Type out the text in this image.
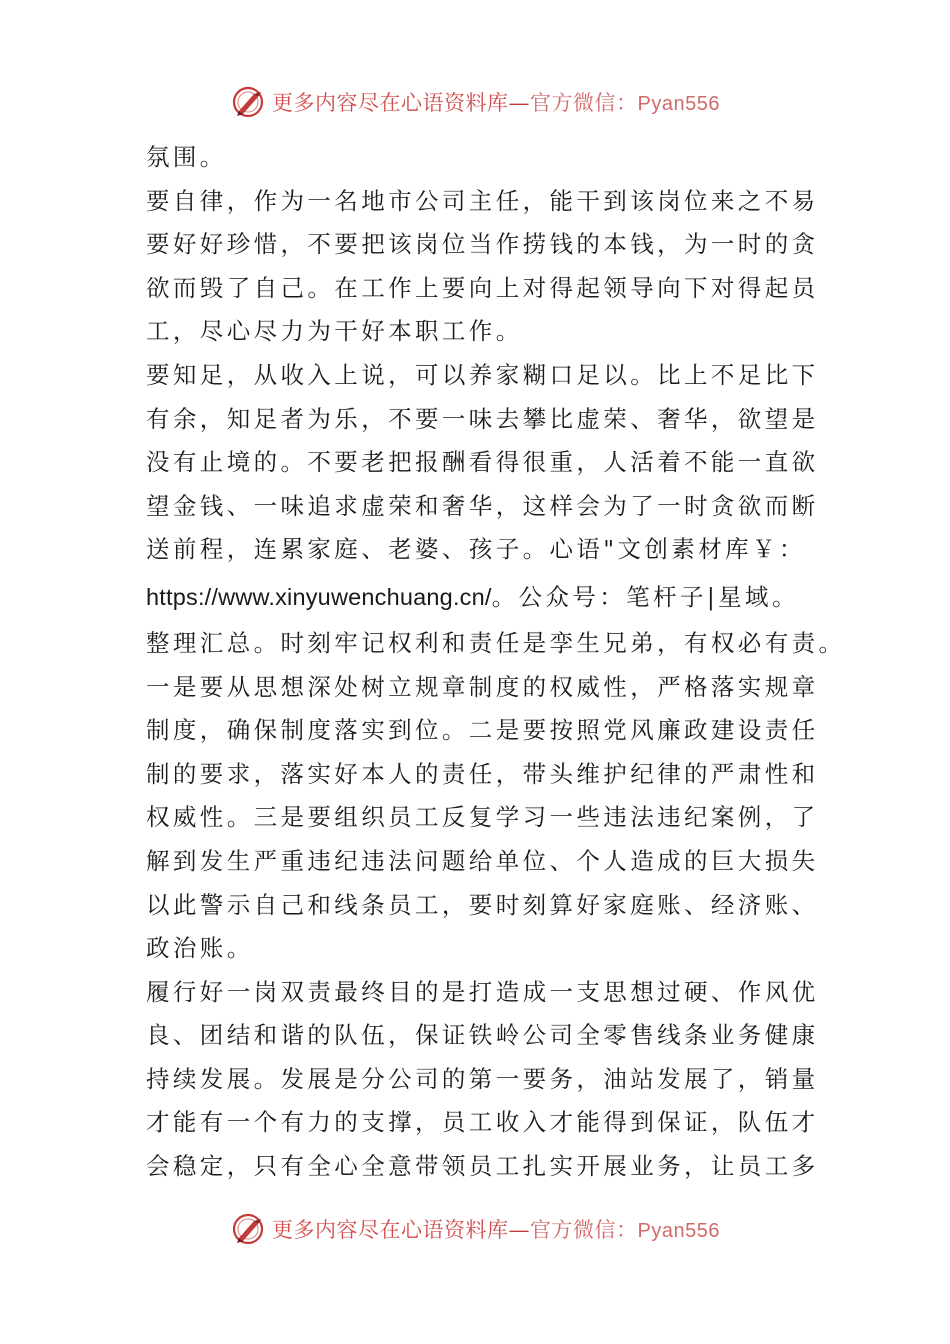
更多内容尽在心语资料库—官方微信：Pyan556
氛围。
要自律，作为一名地市公司主任，能干到该岗位来之不易
要好好珍惜，不要把该岗位当作捞钱的本钱，为一时的贪
欲而毁了自己。在工作上要向上对得起领导向下对得起员
工，尽心尽力为干好本职工作。
要知足，从收入上说，可以养家糊口足以。比上不足比下
有余，知足者为乐，不要一味去攀比虚荣、奢华，欲望是
没有止境的。不要老把报酬看得很重，人活着不能一直欲
望金钱、一味追求虚荣和奢华，这样会为了一时贪欲而断
送前程，连累家庭、老婆、孩子。心语"文创素材库￥：
https://www.xinyuwenchuang.cn/。公众号：笔杆子|星域。
整理汇总。时刻牢记权利和责任是孪生兄弟，有权必有责。
一是要从思想深处树立规章制度的权威性，严格落实规章
制度，确保制度落实到位。二是要按照党风廉政建设责任
制的要求，落实好本人的责任，带头维护纪律的严肃性和
权威性。三是要组织员工反复学习一些违法违纪案例，了
解到发生严重违纪违法问题给单位、个人造成的巨大损失
以此警示自己和线条员工，要时刻算好家庭账、经济账、
政治账。
履行好一岗双责最终目的是打造成一支思想过硬、作风优
良、团结和谐的队伍，保证铁岭公司全零售线条业务健康
持续发展。发展是分公司的第一要务，油站发展了，销量
才能有一个有力的支撑，员工收入才能得到保证，队伍才
会稳定，只有全心全意带领员工扎实开展业务，让员工多
更多内容尽在心语资料库—官方微信：Pyan556
